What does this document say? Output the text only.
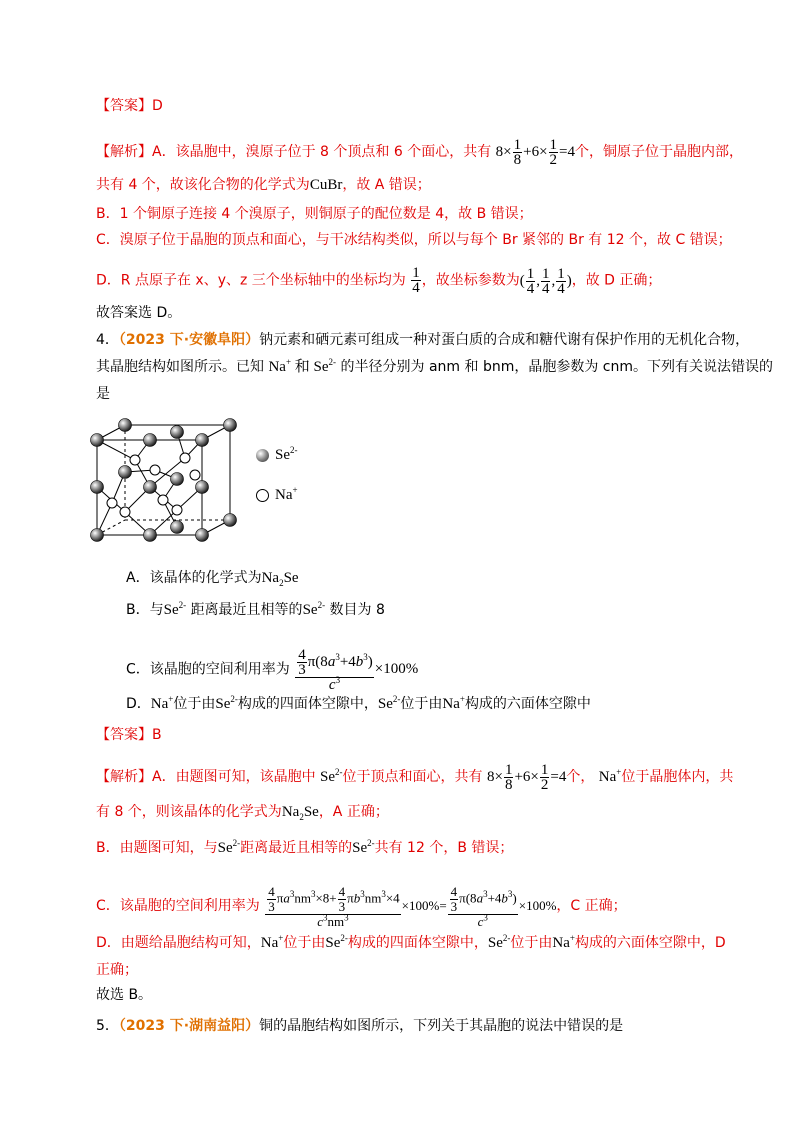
【答案】D
【解析】A．该晶胞中，溴原子位于 8 个顶点和 6 个面心，共有 $8\times \frac{1}{8} +6\times \frac{1}{2} =4$个，铜原子位于晶胞内部，
共有 4 个，故该化合物的化学式为CuBr，故 A 错误；
B．1 个铜原子连接 4 个溴原子，则铜原子的配位数是 4，故 B 错误；
C．溴原子位于晶胞的顶点和面心，与干冰结构类似，所以与每个 Br 紧邻的 Br 有 12 个，故 C 错误；
D．R 点原子在 x、y、z 三个坐标轴中的坐标均为 $\frac{1}{4}$ ，故坐标参数为( $\frac{1}{4}$ , $\frac{1}{4}$ , $\frac{1}{4}$ )，故 D 正确；
故答案选 D。
4．（2023 下·安徽阜阳）钠元素和硒元素可组成一种对蛋白质的合成和糖代谢有保护作用的无机化合物，
其晶胞结构如图所示。已知 Na+ 和 $Se^{2-}$ 的半径分别为 anm 和 bnm，晶胞参数为 cnm。下列有关说法错误的
是
$Se^{2-}$
Na+
A．该晶体的化学式为$Na_2Se$
B．与$Se^{2-}$ 距离最近且相等的$Se^{2-}$ 数目为 8
C．该晶胞的空间利用率为 $\frac{\frac{4}{3} \pi(8a^3+4b^3)}{c^3} \times 100\%$
D．Na+位于由$Se^{2-}$构成的四面体空隙中，$Se^{2-}$位于由Na+构成的六面体空隙中
【答案】B
【解析】A．由题图可知，该晶胞中 $Se^{2-}$位于顶点和面心，共有 $8\times \frac{1}{8} +6\times \frac{1}{2} =4$个， Na+位于晶胞体内，共
有 8 个，则该晶体的化学式为$Na_2Se$，A 正确；
B．由题图可知，与$Se^{2-}$距离最近且相等的$Se^{2-}$共有 12 个，B 错误；
C．该晶胞的空间利用率为 $\frac{\frac{4}{3} \pi a^3nm^3\times 8+ \frac{4}{3} \pi b^3nm^3\times 4}{c^3nm^3} \times 100\%= \frac{\frac{4}{3} \pi(8a^3+4b^3)}{c^3} \times 100\%$，C 正确；
D．由题给晶胞结构可知，Na+位于由$Se^{2-}$构成的四面体空隙中，$Se^{2-}$位于由Na+构成的六面体空隙中，D
正确；
故选 B。
5．（2023 下·湖南益阳）铜的晶胞结构如图所示，下列关于其晶胞的说法中错误的是
